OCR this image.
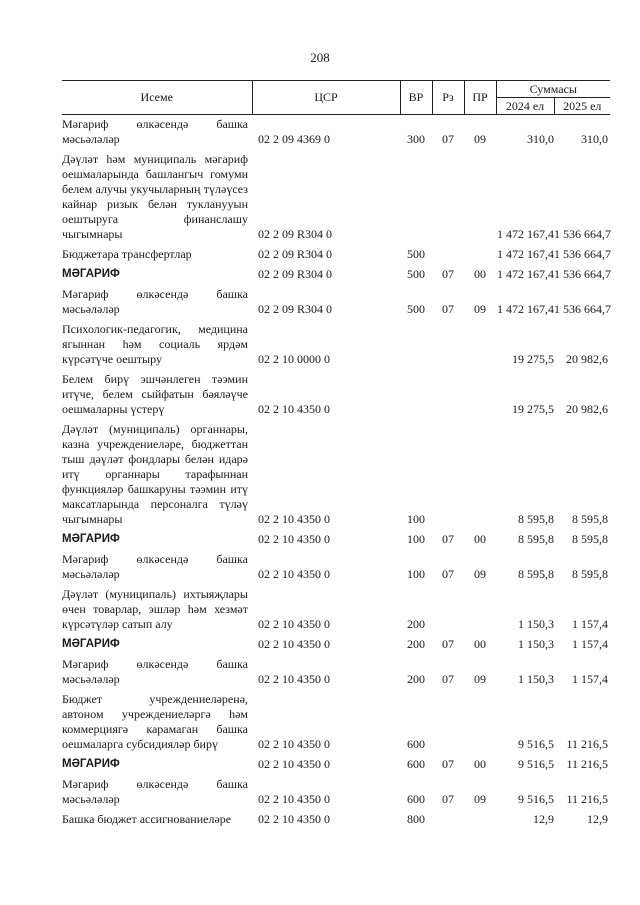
208
Исеме	ЦСР	ВР	Рз	ПР	Суммасы	
					2024 ел	2025 ел
Мәгариф өлкәсендә башка мәсьәләләр	02 2 09 4369 0	300	07	09	310,0	310,0
Дәүләт һәм муниципаль мәгариф оешмаларында башлангыч гомуми белем алучы укучыларның түләүсез кайнар ризык белән тукланууын оештыруга финанслашу чыгымнары	02 2 09 R304 0				1 472 167,4	1 536 664,7
Бюджетара трансфертлар	02 2 09 R304 0	500			1 472 167,4	1 536 664,7
МӘГАРИФ	02 2 09 R304 0	500	07	00	1 472 167,4	1 536 664,7
Мәгариф өлкәсендә башка мәсьәләләр	02 2 09 R304 0	500	07	09	1 472 167,4	1 536 664,7
Психологик-педагогик, медицина ягыннан һәм социаль ярдәм күрсәтүче оештыру	02 2 10 0000 0				19 275,5	20 982,6
Белем бирү эшчәнлеген тәэмин итүче, белем сыйфатын бәяләүче оешмаларны үстерү	02 2 10 4350 0				19 275,5	20 982,6
Дәүләт (муниципаль) органнары, казна учреждениеләре, бюджеттан тыш дәүләт фондлары белән идарә итү органнары тарафыннан функцияләр башкаруны тәэмин итү максатларында персоналга түләү чыгымнары	02 2 10 4350 0	100			8 595,8	8 595,8
МӘГАРИФ	02 2 10 4350 0	100	07	00	8 595,8	8 595,8
Мәгариф өлкәсендә башка мәсьәләләр	02 2 10 4350 0	100	07	09	8 595,8	8 595,8
Дәүләт (муниципаль) ихтыяҗлары өчен товарлар, эшләр һәм хезмәт күрсәтүләр сатып алу	02 2 10 4350 0	200			1 150,3	1 157,4
МӘГАРИФ	02 2 10 4350 0	200	07	00	1 150,3	1 157,4
Мәгариф өлкәсендә башка мәсьәләләр	02 2 10 4350 0	200	07	09	1 150,3	1 157,4
Бюджет учреждениеләренә, автоном учреждениеләргә һәм коммерциягә карамаган башка оешмаларга субсидияләр бирү	02 2 10 4350 0	600			9 516,5	11 216,5
МӘГАРИФ	02 2 10 4350 0	600	07	00	9 516,5	11 216,5
Мәгариф өлкәсендә башка мәсьәләләр	02 2 10 4350 0	600	07	09	9 516,5	11 216,5
Башка бюджет ассигнованиеләре	02 2 10 4350 0	800			12,9	12,9
